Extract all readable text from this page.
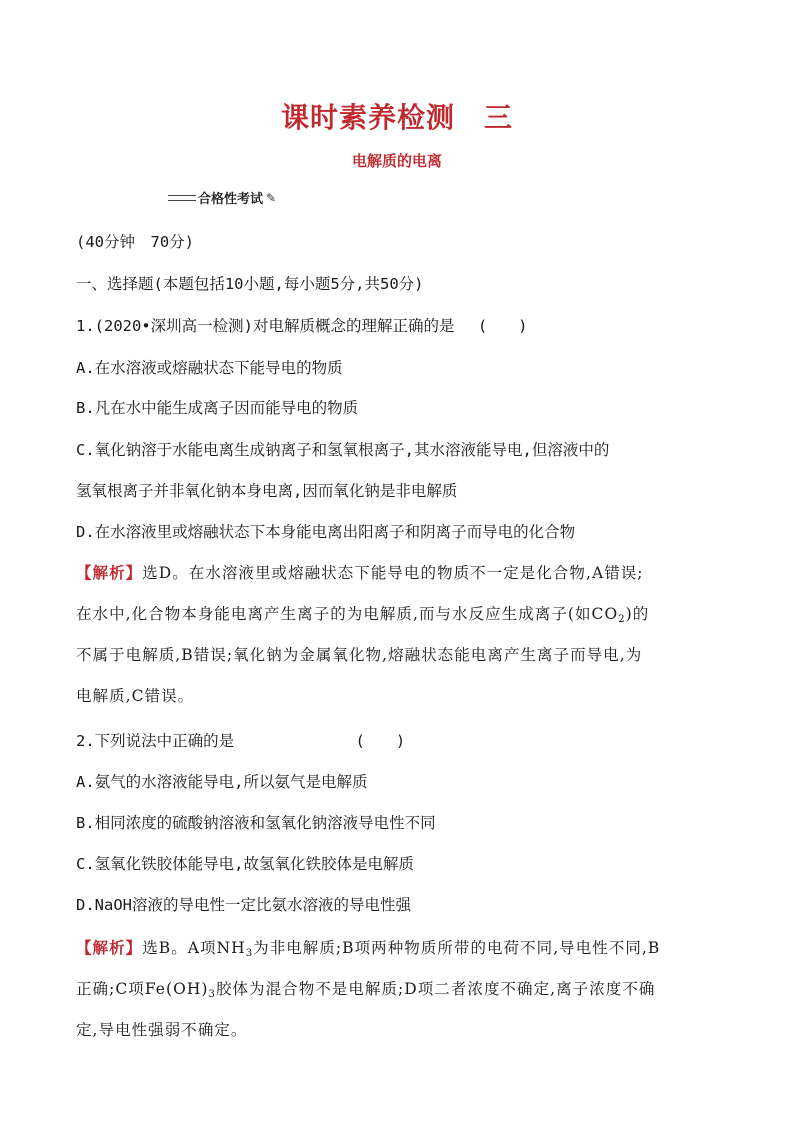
课时素养检测　三
电解质的电离
合格性考试 ✎
(40分钟　70分)
一、选择题(本题包括10小题,每小题5分,共50分)
1.(2020•深圳高一检测)对电解质概念的理解正确的是 (　　)
A.在水溶液或熔融状态下能导电的物质
B.凡在水中能生成离子因而能导电的物质
C.氧化钠溶于水能电离生成钠离子和氢氧根离子,其水溶液能导电,但溶液中的
氢氧根离子并非氧化钠本身电离,因而氧化钠是非电解质
D.在水溶液里或熔融状态下本身能电离出阳离子和阴离子而导电的化合物
【解析】选D。在水溶液里或熔融状态下能导电的物质不一定是化合物,A错误;
在水中,化合物本身能电离产生离子的为电解质,而与水反应生成离子(如$CO_2$)的
不属于电解质,B错误;氧化钠为金属氧化物,熔融状态能电离产生离子而导电,为
电解质,C错误。
2.下列说法中正确的是	(　　)
A.氨气的水溶液能导电,所以氨气是电解质
B.相同浓度的硫酸钠溶液和氢氧化钠溶液导电性不同
C.氢氧化铁胶体能导电,故氢氧化铁胶体是电解质
D.NaOH溶液的导电性一定比氨水溶液的导电性强
【解析】选B。A项$NH_3$为非电解质;B项两种物质所带的电荷不同,导电性不同,B
正确;C项$Fe(OH)_3$胶体为混合物不是电解质;D项二者浓度不确定,离子浓度不确
定,导电性强弱不确定。
